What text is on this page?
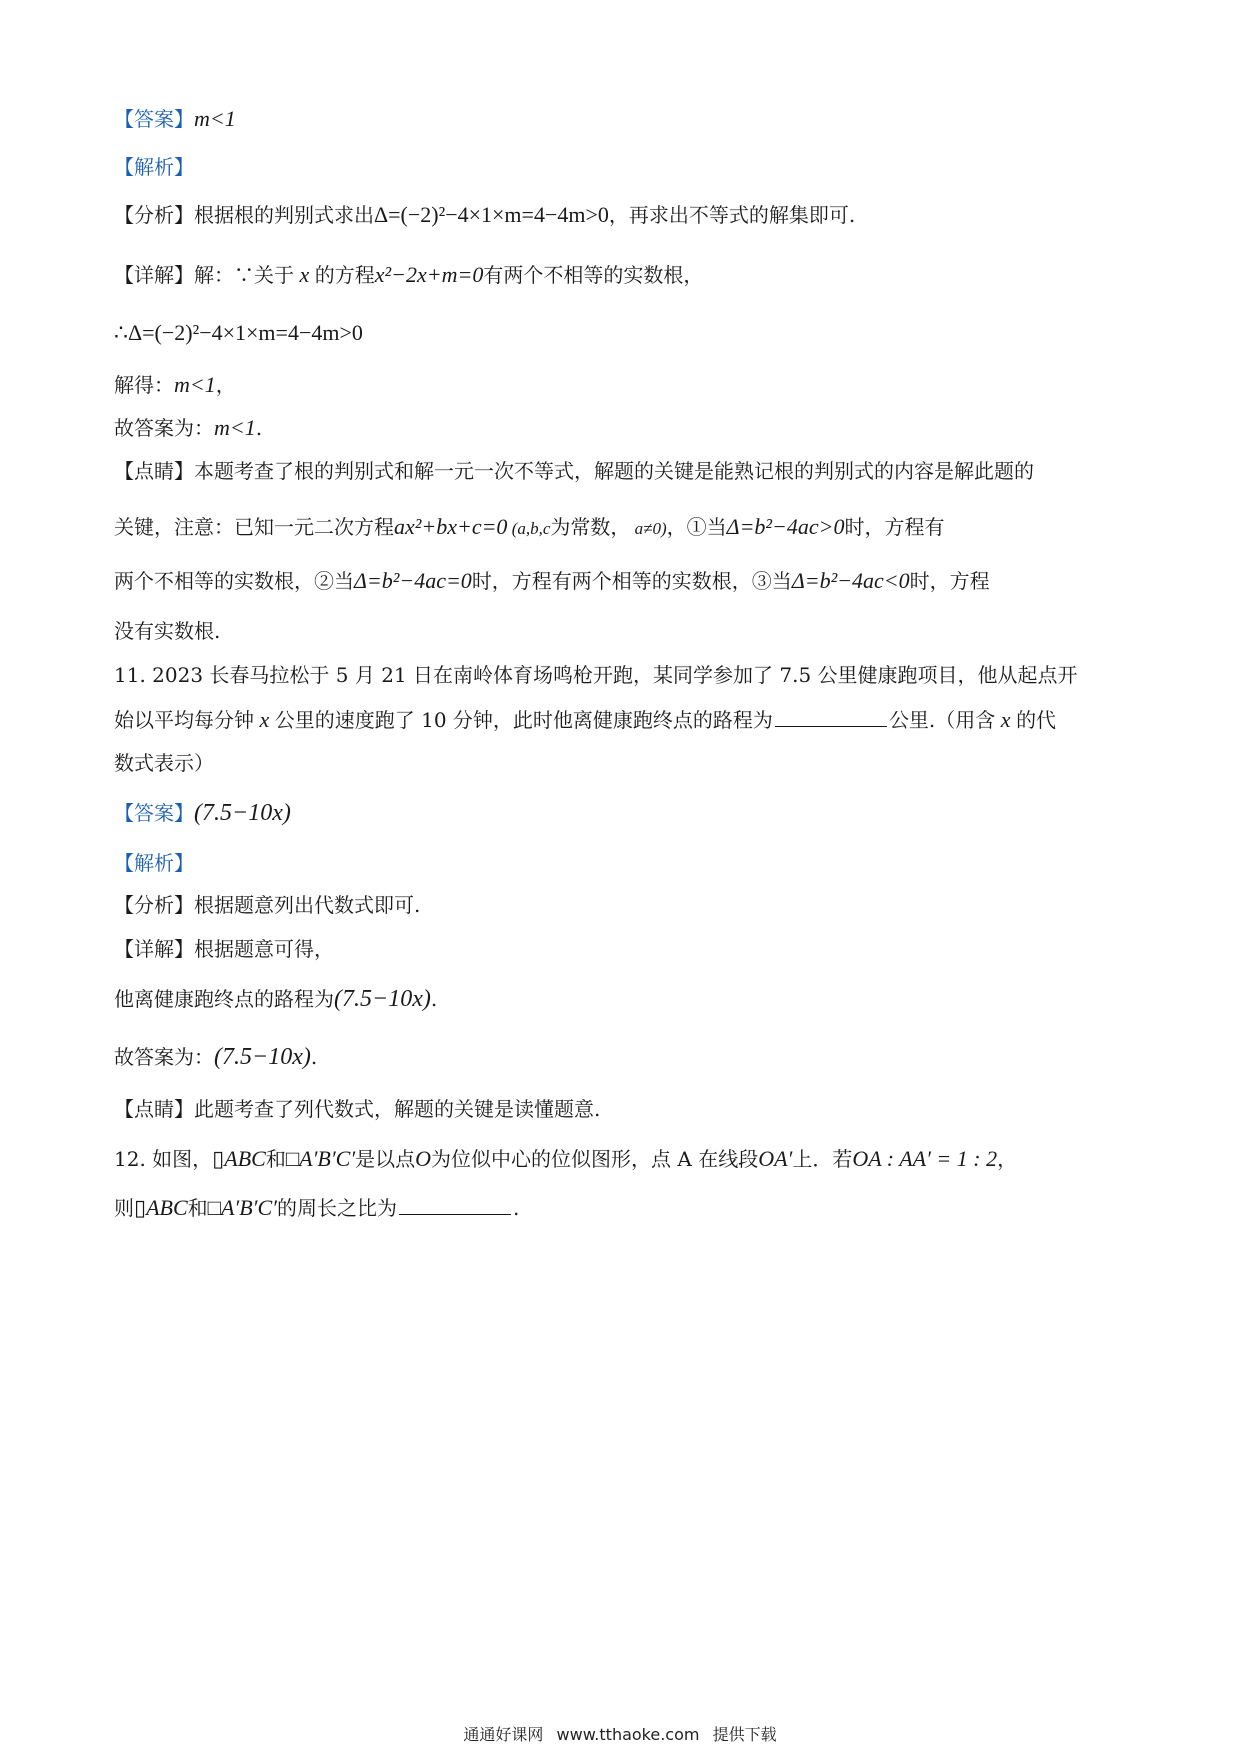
【答案】m<1
【解析】
【分析】根据根的判别式求出Δ=(−2)²−4×1×m=4−4m>0，再求出不等式的解集即可.
【详解】解：∵关于 x 的方程x²−2x+m=0有两个不相等的实数根，
∴Δ=(−2)²−4×1×m=4−4m>0
解得：m<1，
故答案为：m<1.
【点睛】本题考查了根的判别式和解一元一次不等式，解题的关键是能熟记根的判别式的内容是解此题的
关键，注意：已知一元二次方程ax²+bx+c=0 (a,b,c为常数， a≠0)，①当Δ=b²−4ac>0时，方程有
两个不相等的实数根，②当Δ=b²−4ac=0时，方程有两个相等的实数根，③当Δ=b²−4ac<0时，方程
没有实数根.
11. 2023 长春马拉松于 5 月 21 日在南岭体育场鸣枪开跑，某同学参加了 7.5 公里健康跑项目，他从起点开
始以平均每分钟 x 公里的速度跑了 10 分钟，此时他离健康跑终点的路程为	公里.（用含 x 的代
数式表示）
【答案】(7.5−10x)
【解析】
【分析】根据题意列出代数式即可.
【详解】根据题意可得，
他离健康跑终点的路程为(7.5−10x).
故答案为：(7.5−10x).
【点睛】此题考查了列代数式，解题的关键是读懂题意.
12. 如图，▯ABC和□A′B′C′是以点O为位似中心的位似图形，点 A 在线段OA′上．若OA : AA′ = 1 : 2，
则▯ABC和□A′B′C′的周长之比为	.
通通好课网 www.tthaoke.com 提供下载
